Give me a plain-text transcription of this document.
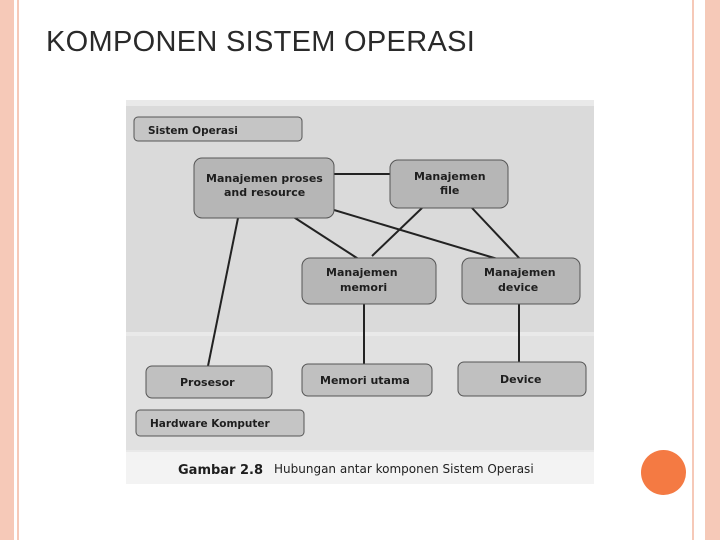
KOMPONEN SISTEM OPERASI
Sistem Operasi
Manajemen proses
and resource
Manajemen
file
Manajemen
memori
Manajemen
device
Prosesor	Memori utama	Device
Hardware Komputer
Gambar 2.8 Hubungan antar komponen Sistem Operasi
